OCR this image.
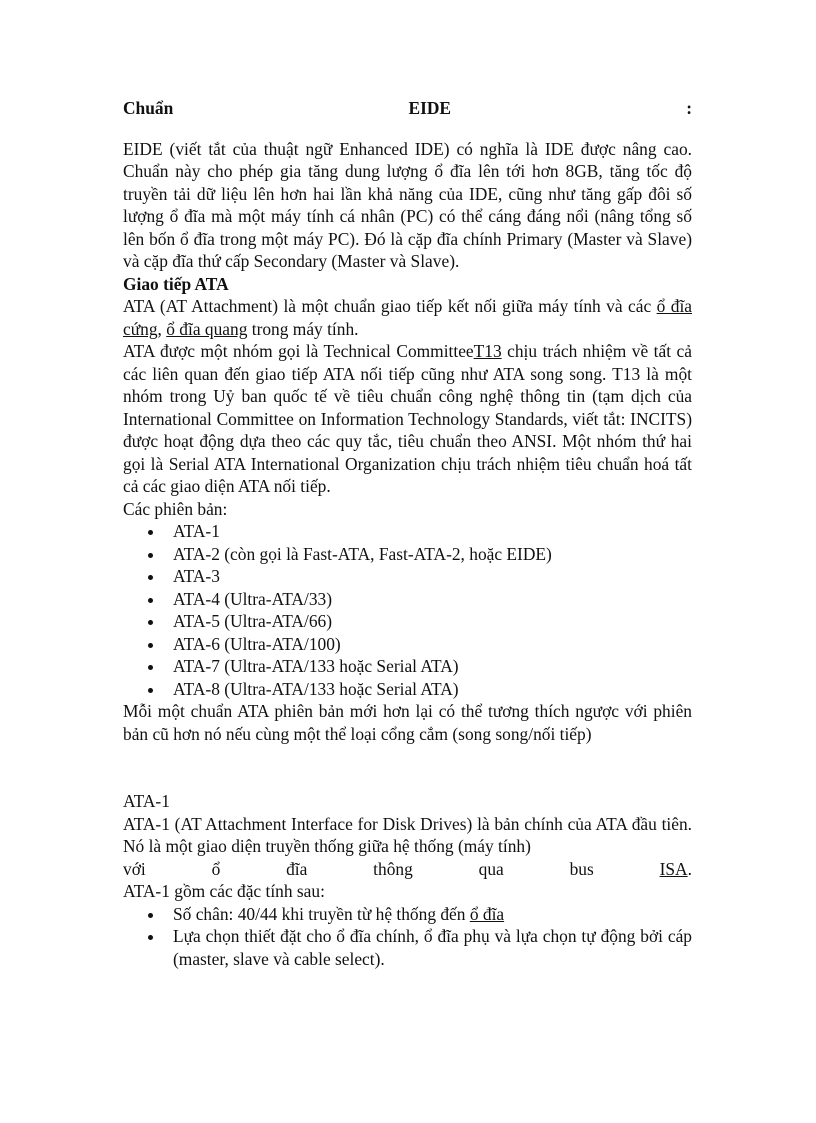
Chuẩn	EIDE	:

EIDE (viết tắt của thuật ngữ Enhanced IDE) có nghĩa là IDE được nâng cao. Chuẩn này cho phép gia tăng dung lượng ổ đĩa lên tới hơn 8GB, tăng tốc độ truyền tải dữ liệu lên hơn hai lần khả năng của IDE, cũng như tăng gấp đôi số lượng ổ đĩa mà một máy tính cá nhân (PC) có thể cáng đáng nổi (nâng tổng số lên bốn ổ đĩa trong một máy PC). Đó là cặp đĩa chính Primary (Master và Slave) và cặp đĩa thứ cấp Secondary (Master và Slave).

Giao tiếp ATA

ATA (AT Attachment) là một chuẩn giao tiếp kết nối giữa máy tính và các ổ đĩa cứng, ổ đĩa quang trong máy tính.

ATA được một nhóm gọi là Technical CommitteeT13 chịu trách nhiệm về tất cả các liên quan đến giao tiếp ATA nối tiếp cũng như ATA song song. T13 là một nhóm trong Uỷ ban quốc tế về tiêu chuẩn công nghệ thông tin (tạm dịch của International Committee on Information Technology Standards, viết tắt: INCITS) được hoạt động dựa theo các quy tắc, tiêu chuẩn theo ANSI. Một nhóm thứ hai gọi là Serial ATA International Organization chịu trách nhiệm tiêu chuẩn hoá tất cả các giao diện ATA nối tiếp.

Các phiên bản:

ATA-1
ATA-2 (còn gọi là Fast-ATA, Fast-ATA-2, hoặc EIDE)
ATA-3
ATA-4 (Ultra-ATA/33)
ATA-5 (Ultra-ATA/66)
ATA-6 (Ultra-ATA/100)
ATA-7 (Ultra-ATA/133 hoặc Serial ATA)
ATA-8 (Ultra-ATA/133 hoặc Serial ATA)

Mỗi một chuẩn ATA phiên bản mới hơn lại có thể tương thích ngược với phiên bản cũ hơn nó nếu cùng một thể loại cổng cắm (song song/nối tiếp)

ATA-1

ATA-1 (AT Attachment Interface for Disk Drives) là bản chính của ATA đầu tiên. Nó là một giao diện truyền thống giữa hệ thống (máy tính)

với	ổ	đĩa	thông	qua	bus	ISA.

ATA-1 gồm các đặc tính sau:

Số chân: 40/44 khi truyền từ hệ thống đến ổ đĩa
Lựa chọn thiết đặt cho ổ đĩa chính, ổ đĩa phụ và lựa chọn tự động bởi cáp (master, slave và cable select).
